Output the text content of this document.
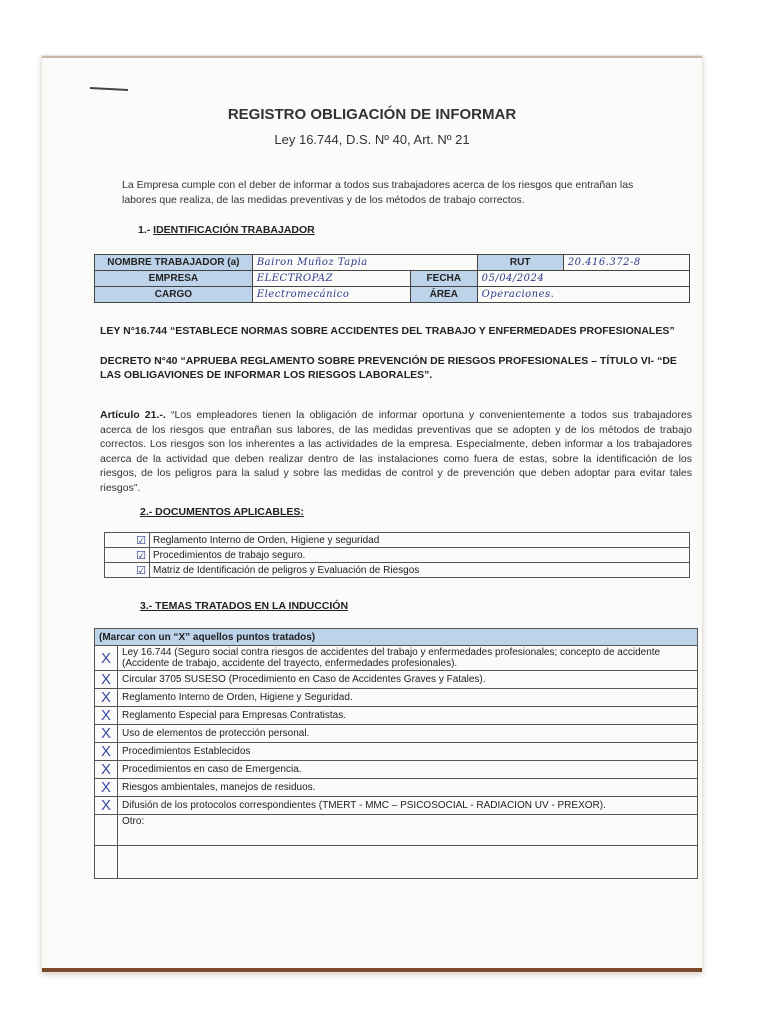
REGISTRO OBLIGACIÓN DE INFORMAR
Ley 16.744, D.S. Nº 40, Art. Nº 21
La Empresa cumple con el deber de informar a todos sus trabajadores acerca de los riesgos que entrañan las labores que realiza, de las medidas preventivas y de los métodos de trabajo correctos.
1.- IDENTIFICACIÓN TRABAJADOR
NOMBRE TRABAJADOR (a)	Bairon Muñoz Tapia		RUT	20.416.372-8
EMPRESA	ELECTROPAZ	FECHA	05/04/2024	
CARGO	Electromecánico	ÁREA	Operaciones.	
LEY N°16.744 “ESTABLECE NORMAS SOBRE ACCIDENTES DEL TRABAJO Y ENFERMEDADES PROFESIONALES”
DECRETO N°40 “APRUEBA REGLAMENTO SOBRE PREVENCIÓN DE RIESGOS PROFESIONALES – TÍTULO VI- “DE LAS OBLIGAVIONES DE INFORMAR LOS RIESGOS LABORALES”.
Artículo 21.-. “Los empleadores tienen la obligación de informar oportuna y convenientemente a todos sus trabajadores acerca de los riesgos que entrañan sus labores, de las medidas preventivas que se adopten y de los métodos de trabajo correctos. Los riesgos son los inherentes a las actividades de la empresa. Especialmente, deben informar a los trabajadores acerca de la actividad que deben realizar dentro de las instalaciones como fuera de estas, sobre la identificación de los riesgos, de los peligros para la salud y sobre las medidas de control y de prevención que deben adoptar para evitar tales riesgos”.
2.- DOCUMENTOS APLICABLES:
☑	Reglamento Interno de Orden, Higiene y seguridad
☑	Procedimientos de trabajo seguro.
☑	Matriz de Identificación de peligros y Evaluación de Riesgos
3.- TEMAS TRATADOS EN LA INDUCCIÓN
(Marcar con un “X” aquellos puntos tratados)	
X	Ley 16.744 (Seguro social contra riesgos de accidentes del trabajo y enfermedades profesionales; concepto de accidente (Accidente de trabajo, accidente del trayecto, enfermedades profesionales).
X	Circular 3705 SUSESO (Procedimiento en Caso de Accidentes Graves y Fatales).
X	Reglamento Interno de Orden, Higiene y Seguridad.
X	Reglamento Especial para Empresas Contratistas.
X	Uso de elementos de protección personal.
X	Procedimientos Establecidos
X	Procedimientos en caso de Emergencia.
X	Riesgos ambientales, manejos de residuos.
X	Difusión de los protocolos correspondientes (TMERT - MMC – PSICOSOCIAL - RADIACION UV - PREXOR).
	Otro:
